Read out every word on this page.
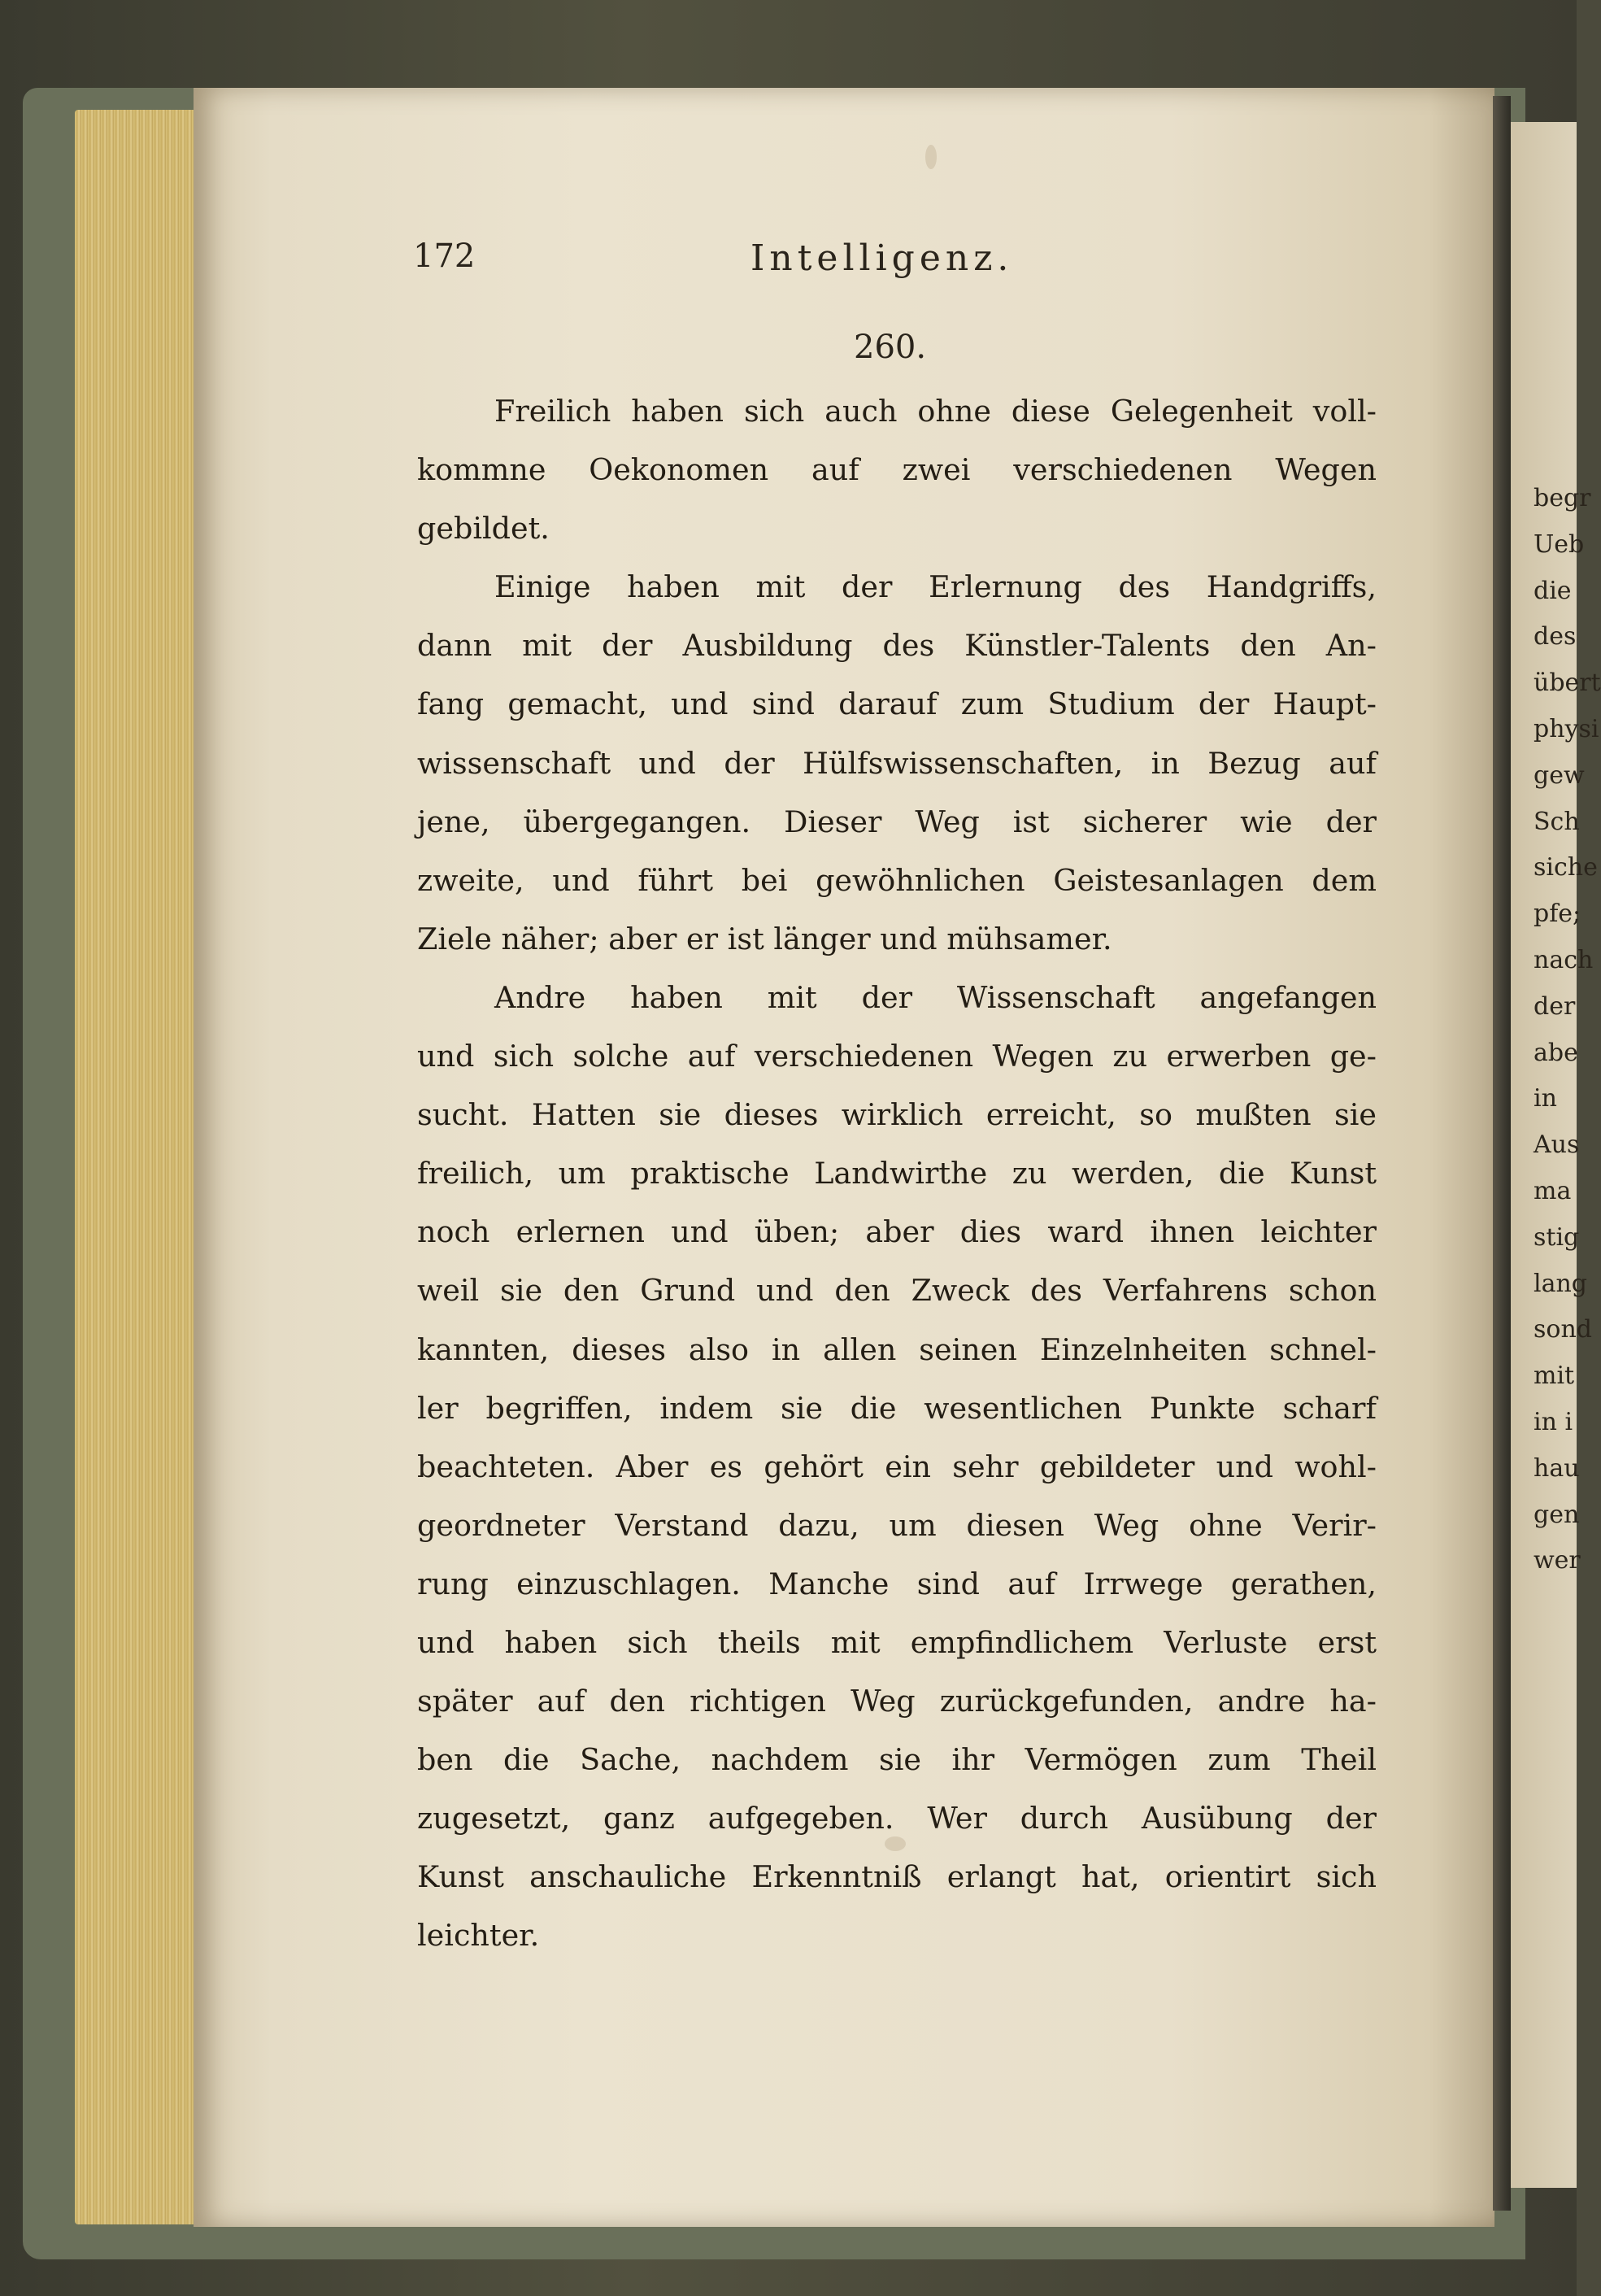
begr
Ueb
die
des
übert
physi
gew
Sch
siche
pfe;
nach
der
abe
in
Aus
ma
stig
lang
sond
mit
in i
hau
gen
wer
172	Intelligenz.
260.

Freilich haben sich auch ohne diese Gelegenheit voll-
kommne Oekonomen auf zwei verschiedenen Wegen
gebildet.

Einige haben mit der Erlernung des Handgriffs,
dann mit der Ausbildung des Künstler-Talents den An-
fang gemacht, und sind darauf zum Studium der Haupt-
wissenschaft und der Hülfswissenschaften, in Bezug auf
jene, übergegangen. Dieser Weg ist sicherer wie der
zweite, und führt bei gewöhnlichen Geistesanlagen dem
Ziele näher; aber er ist länger und mühsamer.

Andre haben mit der Wissenschaft angefangen
und sich solche auf verschiedenen Wegen zu erwerben ge-
sucht. Hatten sie dieses wirklich erreicht, so mußten sie
freilich, um praktische Landwirthe zu werden, die Kunst
noch erlernen und üben; aber dies ward ihnen leichter
weil sie den Grund und den Zweck des Verfahrens schon
kannten, dieses also in allen seinen Einzelnheiten schnel-
ler begriffen, indem sie die wesentlichen Punkte scharf
beachteten. Aber es gehört ein sehr gebildeter und wohl-
geordneter Verstand dazu, um diesen Weg ohne Verir-
rung einzuschlagen. Manche sind auf Irrwege gerathen,
und haben sich theils mit empfindlichem Verluste erst
später auf den richtigen Weg zurückgefunden, andre ha-
ben die Sache, nachdem sie ihr Vermögen zum Theil
zugesetzt, ganz aufgegeben. Wer durch Ausübung der
Kunst anschauliche Erkenntniß erlangt hat, orientirt sich
leichter.
